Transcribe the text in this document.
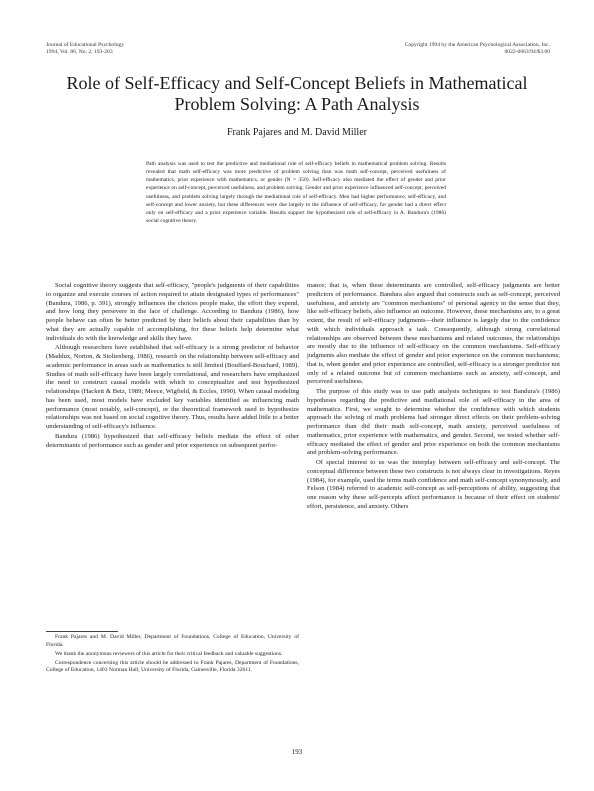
Journal of Educational Psychology
1994, Vol. 86, No. 2, 193-203
Copyright 1994 by the American Psychological Association, Inc.
0022-0663/94/$3.00
Role of Self-Efficacy and Self-Concept Beliefs in Mathematical Problem Solving: A Path Analysis
Frank Pajares and M. David Miller
Path analysis was used to test the predictive and mediational role of self-efficacy beliefs in mathematical problem solving. Results revealed that math self-efficacy was more predictive of problem solving than was math self-concept, perceived usefulness of mathematics, prior experience with mathematics, or gender (N = 350). Self-efficacy also mediated the effect of gender and prior experience on self-concept, perceived usefulness, and problem solving. Gender and prior experience influenced self-concept, perceived usefulness, and problem solving largely through the mediational role of self-efficacy. Men had higher performance, self-efficacy, and self-concept and lower anxiety, but these differences were due largely to the influence of self-efficacy, for gender had a direct effect only on self-efficacy and a prior experience variable. Results support the hypothesized role of self-efficacy in A. Bandura's (1986) social cognitive theory.

Social cognitive theory suggests that self-efficacy, "people's judgments of their capabilities to organize and execute courses of action required to attain designated types of performances" (Bandura, 1986, p. 391), strongly influences the choices people make, the effort they expend, and how long they persevere in the face of challenge. According to Bandura (1986), how people behave can often be better predicted by their beliefs about their capabilities than by what they are actually capable of accomplishing, for these beliefs help determine what individuals do with the knowledge and skills they have.

Although researchers have established that self-efficacy is a strong predictor of behavior (Maddux, Norton, & Stoltenberg, 1986), research on the relationship between self-efficacy and academic performance in areas such as mathematics is still limited (Bouffard-Bouchard, 1989). Studies of math self-efficacy have been largely correlational, and researchers have emphasized the need to construct causal models with which to conceptualize and test hypothesized relationships (Hackett & Betz, 1989; Meece, Wigfield, & Eccles, 1990). When causal modeling has been used, most models have excluded key variables identified as influencing math performance (most notably, self-concept), or the theoretical framework used to hypothesize relationships was not based on social cognitive theory. Thus, results have added little to a better understanding of self-efficacy's influence.

Bandura (1986) hypothesized that self-efficacy beliefs mediate the effect of other determinants of performance such as gender and prior experience on subsequent perfor-

mance; that is, when these determinants are controlled, self-efficacy judgments are better predictors of performance. Bandura also argued that constructs such as self-concept, perceived usefulness, and anxiety are "common mechanisms" of personal agency in the sense that they, like self-efficacy beliefs, also influence an outcome. However, these mechanisms are, to a great extent, the result of self-efficacy judgments—their influence is largely due to the confidence with which individuals approach a task. Consequently, although strong correlational relationships are observed between these mechanisms and related outcomes, the relationships are mostly due to the influence of self-efficacy on the common mechanisms. Self-efficacy judgments also mediate the effect of gender and prior experience on the common mechanisms; that is, when gender and prior experience are controlled, self-efficacy is a stronger predictor not only of a related outcome but of common mechanisms such as anxiety, self-concept, and perceived usefulness.

The purpose of this study was to use path analysis techniques to test Bandura's (1986) hypotheses regarding the predictive and mediational role of self-efficacy in the area of mathematics. First, we sought to determine whether the confidence with which students approach the solving of math problems had stronger direct effects on their problem-solving performance than did their math self-concept, math anxiety, perceived usefulness of mathematics, prior experience with mathematics, and gender. Second, we tested whether self-efficacy mediated the effect of gender and prior experience on both the common mechanisms and problem-solving performance.

Of special interest to us was the interplay between self-efficacy and self-concept. The conceptual difference between these two constructs is not always clear in investigations. Reyes (1984), for example, used the terms math confidence and math self-concept synonymously, and Felson (1984) referred to academic self-concept as self-perceptions of ability, suggesting that one reason why these self-percepts affect performance is because of their effect on students' effort, persistence, and anxiety. Others

Frank Pajares and M. David Miller, Department of Foundations, College of Education, University of Florida.

We thank the anonymous reviewers of this article for their critical feedback and valuable suggestions.

Correspondence concerning this article should be addressed to Frank Pajares, Department of Foundations, College of Education, 1403 Norman Hall, University of Florida, Gainesville, Florida 32611.

193
